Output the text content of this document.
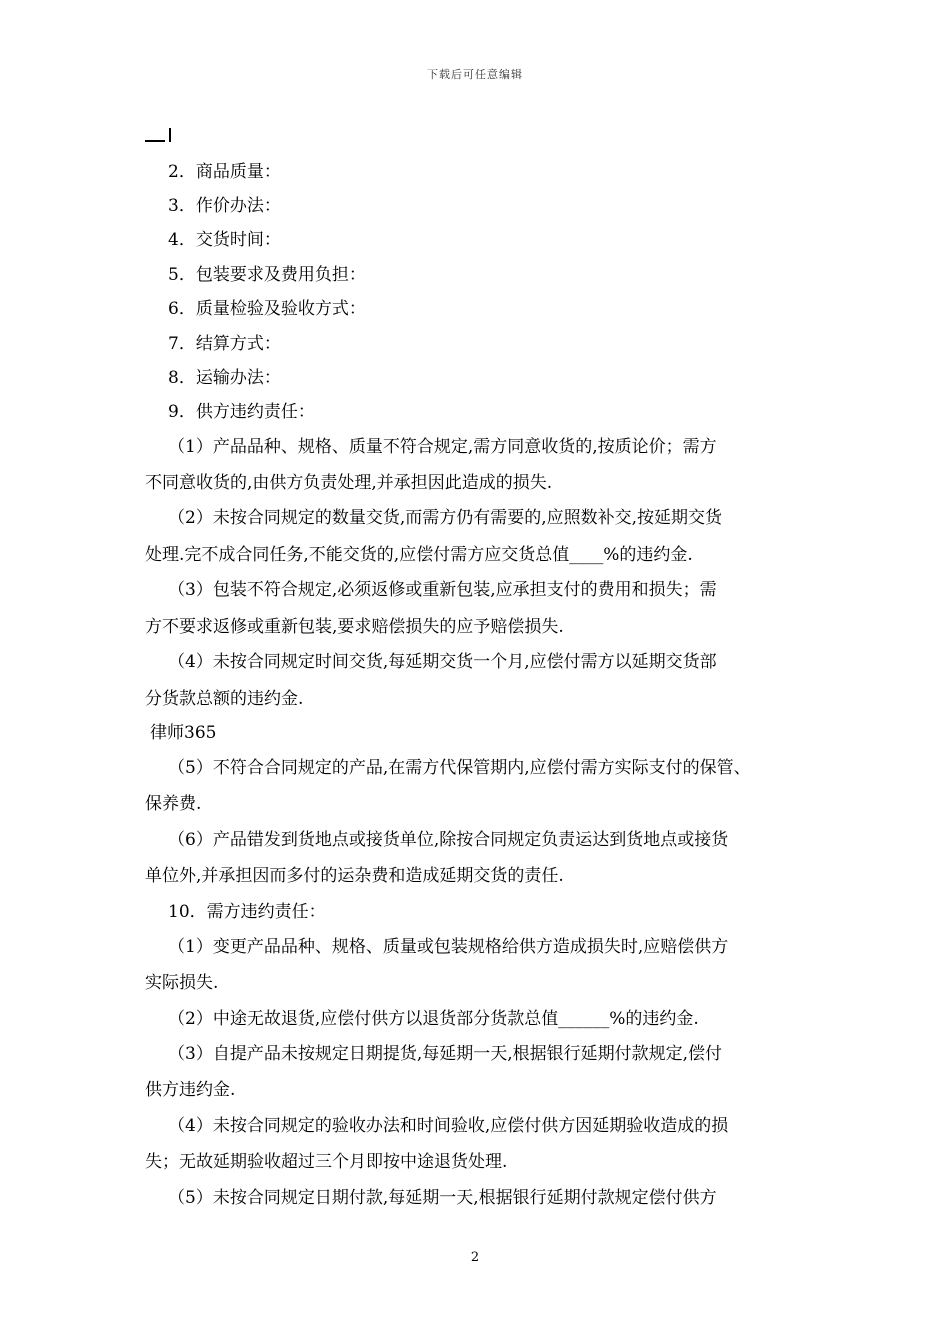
下载后可任意编辑
2．商品质量：
3．作价办法：
4．交货时间：
5．包装要求及费用负担：
6．质量检验及验收方式：
7．结算方式：
8．运输办法：
9．供方违约责任：
（1）产品品种、规格、质量不符合规定,需方同意收货的,按质论价；需方
不同意收货的,由供方负责处理,并承担因此造成的损失.
（2）未按合同规定的数量交货,而需方仍有需要的,应照数补交,按延期交货
处理.完不成合同任务,不能交货的,应偿付需方应交货总值____%的违约金.
（3）包装不符合规定,必须返修或重新包装,应承担支付的费用和损失；需
方不要求返修或重新包装,要求赔偿损失的应予赔偿损失.
（4）未按合同规定时间交货,每延期交货一个月,应偿付需方以延期交货部
分货款总额的违约金.
律师365
（5）不符合合同规定的产品,在需方代保管期内,应偿付需方实际支付的保管、
保养费.
（6）产品错发到货地点或接货单位,除按合同规定负责运达到货地点或接货
单位外,并承担因而多付的运杂费和造成延期交货的责任.
10．需方违约责任：
（1）变更产品品种、规格、质量或包装规格给供方造成损失时,应赔偿供方
实际损失.
（2）中途无故退货,应偿付供方以退货部分货款总值______%的违约金.
（3）自提产品未按规定日期提货,每延期一天,根据银行延期付款规定,偿付
供方违约金.
（4）未按合同规定的验收办法和时间验收,应偿付供方因延期验收造成的损
失；无故延期验收超过三个月即按中途退货处理.
（5）未按合同规定日期付款,每延期一天,根据银行延期付款规定偿付供方
2
